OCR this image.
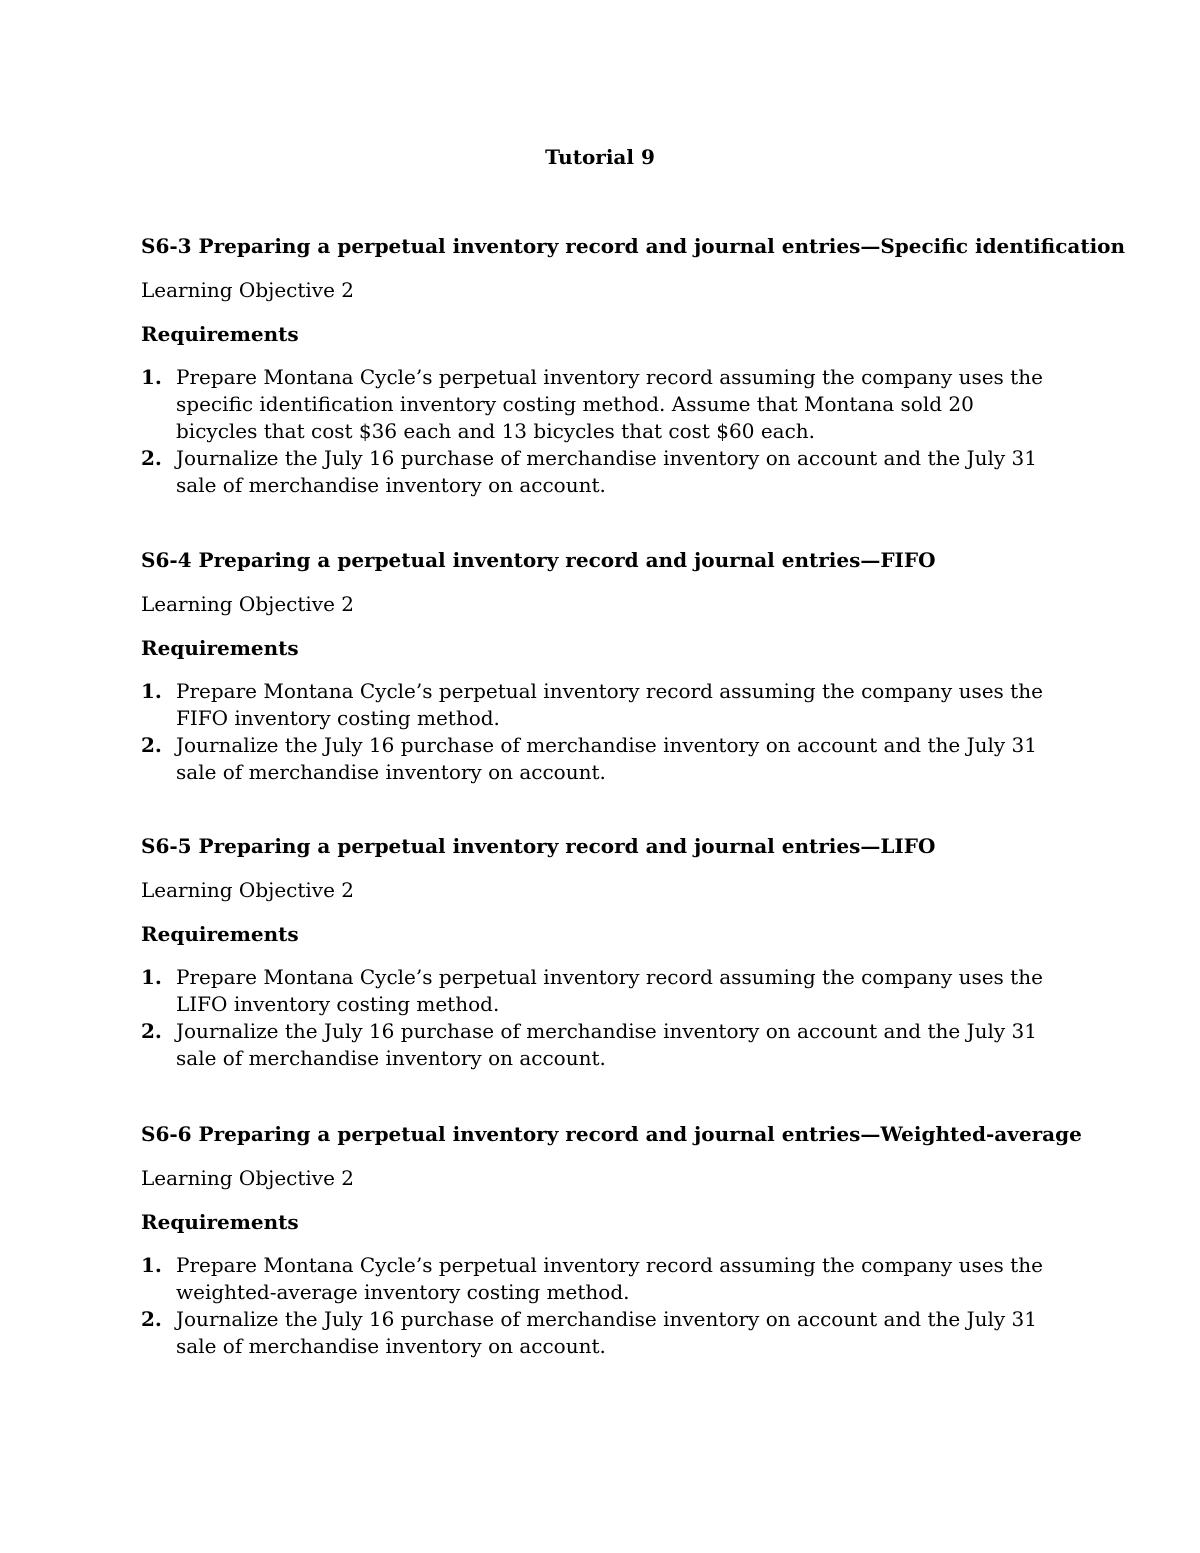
Tutorial 9
S6-3 Preparing a perpetual inventory record and journal entries—Specific identification
Learning Objective 2
Requirements
1. Prepare Montana Cycle’s perpetual inventory record assuming the company uses the specific identification inventory costing method. Assume that Montana sold 20 bicycles that cost $36 each and 13 bicycles that cost $60 each.
2. Journalize the July 16 purchase of merchandise inventory on account and the July 31 sale of merchandise inventory on account.
S6-4 Preparing a perpetual inventory record and journal entries—FIFO
Learning Objective 2
Requirements
1. Prepare Montana Cycle’s perpetual inventory record assuming the company uses the FIFO inventory costing method.
2. Journalize the July 16 purchase of merchandise inventory on account and the July 31 sale of merchandise inventory on account.
S6-5 Preparing a perpetual inventory record and journal entries—LIFO
Learning Objective 2
Requirements
1. Prepare Montana Cycle’s perpetual inventory record assuming the company uses the LIFO inventory costing method.
2. Journalize the July 16 purchase of merchandise inventory on account and the July 31 sale of merchandise inventory on account.
S6-6 Preparing a perpetual inventory record and journal entries—Weighted-average
Learning Objective 2
Requirements
1. Prepare Montana Cycle’s perpetual inventory record assuming the company uses the weighted-average inventory costing method.
2. Journalize the July 16 purchase of merchandise inventory on account and the July 31 sale of merchandise inventory on account.
